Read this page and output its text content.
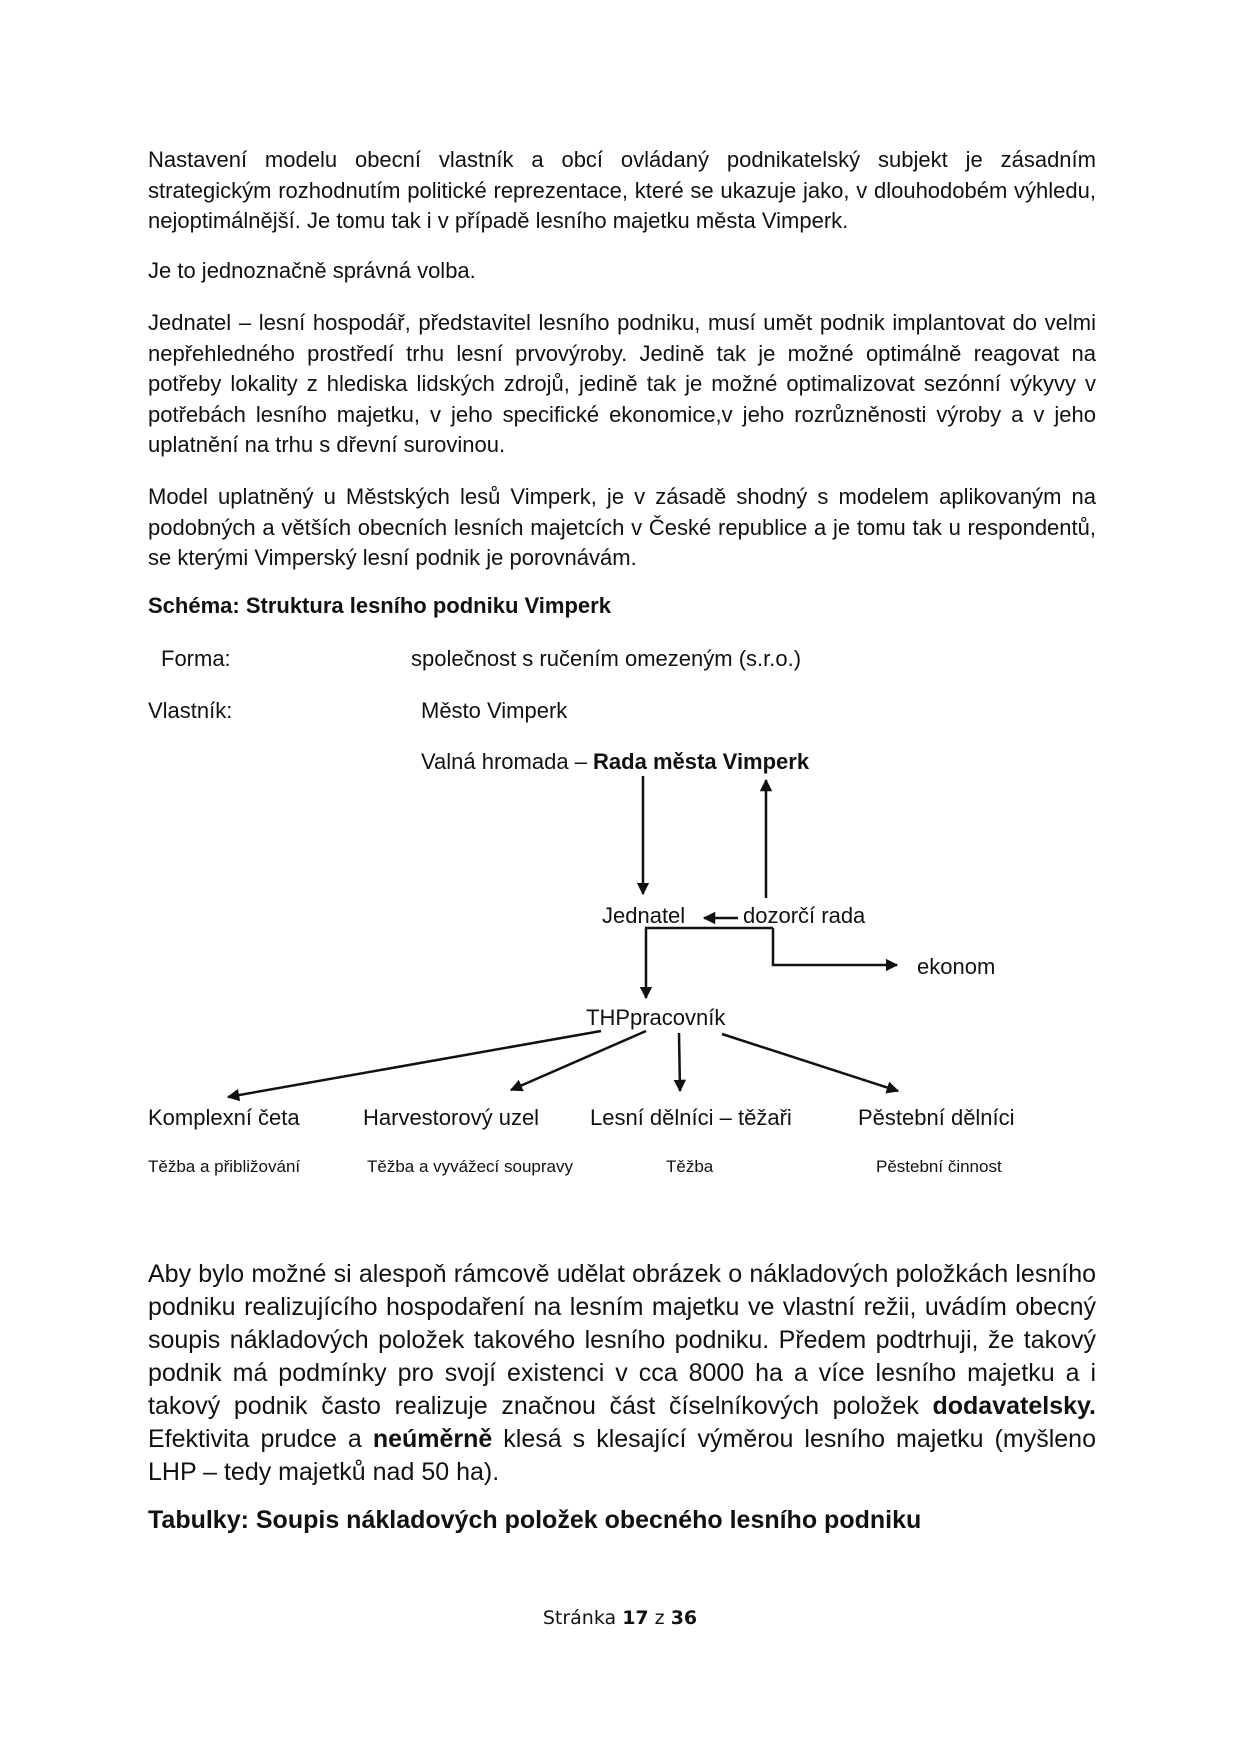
Nastavení modelu obecní vlastník a obcí ovládaný podnikatelský subjekt je zásadním strategickým rozhodnutím politické reprezentace, které se ukazuje jako, v dlouhodobém výhledu, nejoptimálnější. Je tomu tak i v případě lesního majetku města Vimperk.

Je to jednoznačně správná volba.

Jednatel – lesní hospodář, představitel lesního podniku, musí umět podnik implantovat do velmi nepřehledného prostředí trhu lesní prvovýroby. Jedině tak je možné optimálně reagovat na potřeby lokality z hlediska lidských zdrojů, jedině tak je možné optimalizovat sezónní výkyvy v potřebách lesního majetku, v jeho specifické ekonomice,v jeho rozrůzněnosti výroby a v jeho uplatnění na trhu s dřevní surovinou.

Model uplatněný u Městských lesů Vimperk, je v zásadě shodný s modelem aplikovaným na podobných a větších obecních lesních majetcích v České republice a je tomu tak u respondentů, se kterými Vimperský lesní podnik je porovnávám.

Schéma: Struktura lesního podniku Vimperk

Forma:	společnost s ručením omezeným (s.r.o.)

Vlastník:	Město Vimperk

Valná hromada – Rada města Vimperk

Jednatel	dozorčí rada

ekonom

THPpracovník

Komplexní četa	Harvestorový uzel Lesní dělníci – těžaři	Pěstební dělníci

Těžba a přibližování	Těžba a vyvážecí soupravy	Těžba	Pěstební činnost

Aby bylo možné si alespoň rámcově udělat obrázek o nákladových položkách lesního podniku realizujícího hospodaření na lesním majetku ve vlastní režii, uvádím obecný soupis nákladových položek takového lesního podniku. Předem podtrhuji, že takový podnik má podmínky pro svojí existenci v cca 8000 ha a více lesního majetku a i takový podnik často realizuje značnou část číselníkových položek dodavatelsky. Efektivita prudce a neúměrně klesá s klesající výměrou lesního majetku (myšleno LHP – tedy majetků nad 50 ha).

Tabulky: Soupis nákladových položek obecného lesního podniku

Stránka 17 z 36
